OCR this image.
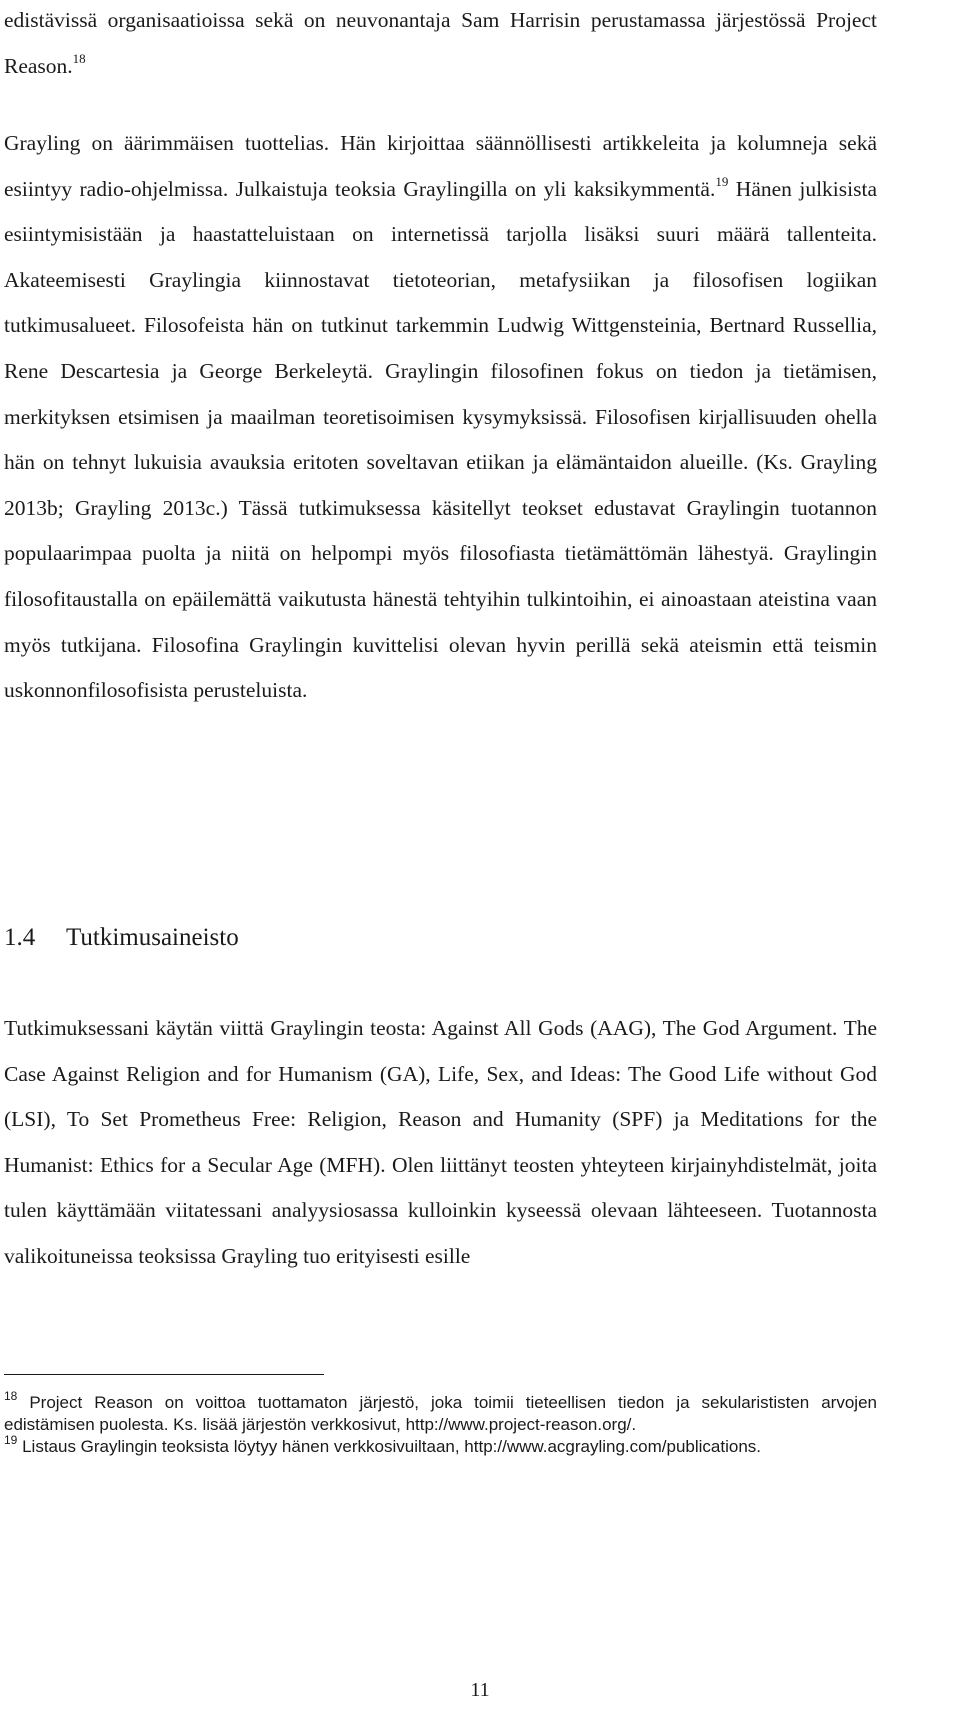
edistävissä organisaatioissa sekä on neuvonantaja Sam Harrisin perustamassa järjestössä Project Reason.$^{18}$

Grayling on äärimmäisen tuottelias. Hän kirjoittaa säännöllisesti artikkeleita ja kolumneja sekä esiintyy radio-ohjelmissa. Julkaistuja teoksia Graylingilla on yli kaksikymmentä.$^{19}$ Hänen julkisista esiintymisistään ja haastatteluistaan on internetissä tarjolla lisäksi suuri määrä tallenteita. Akateemisesti Graylingia kiinnostavat tietoteorian, metafysiikan ja filosofisen logiikan tutkimusalueet. Filosofeista hän on tutkinut tarkemmin Ludwig Wittgensteinia, Bertnard Russellia, Rene Descartesia ja George Berkeleytä. Graylingin filosofinen fokus on tiedon ja tietämisen, merkityksen etsimisen ja maailman teoretisoimisen kysymyksissä. Filosofisen kirjallisuuden ohella hän on tehnyt lukuisia avauksia eritoten soveltavan etiikan ja elämäntaidon alueille. (Ks. Grayling 2013b; Grayling 2013c.) Tässä tutkimuksessa käsitellyt teokset edustavat Graylingin tuotannon populaarimpaa puolta ja niitä on helpompi myös filosofiasta tietämättömän lähestyä. Graylingin filosofitaustalla on epäilemättä vaikutusta hänestä tehtyihin tulkintoihin, ei ainoastaan ateistina vaan myös tutkijana. Filosofina Graylingin kuvittelisi olevan hyvin perillä sekä ateismin että teismin uskonnonfilosofisista perusteluista.

1.4 Tutkimusaineisto

Tutkimuksessani käytän viittä Graylingin teosta: Against All Gods (AAG), The God Argument. The Case Against Religion and for Humanism (GA), Life, Sex, and Ideas: The Good Life without God (LSI), To Set Prometheus Free: Religion, Reason and Humanity (SPF) ja Meditations for the Humanist: Ethics for a Secular Age (MFH). Olen liittänyt teosten yhteyteen kirjainyhdistelmät, joita tulen käyttämään viitatessani analyysiosassa kulloinkin kyseessä olevaan lähteeseen. Tuotannosta valikoituneissa teoksissa Grayling tuo erityisesti esille

$^{18}$ Project Reason on voittoa tuottamaton järjestö, joka toimii tieteellisen tiedon ja sekularististen arvojen edistämisen puolesta. Ks. lisää järjestön verkkosivut, http://www.project-reason.org/.

$^{19}$ Listaus Graylingin teoksista löytyy hänen verkkosivuiltaan, http://www.acgrayling.com/publications.

11
